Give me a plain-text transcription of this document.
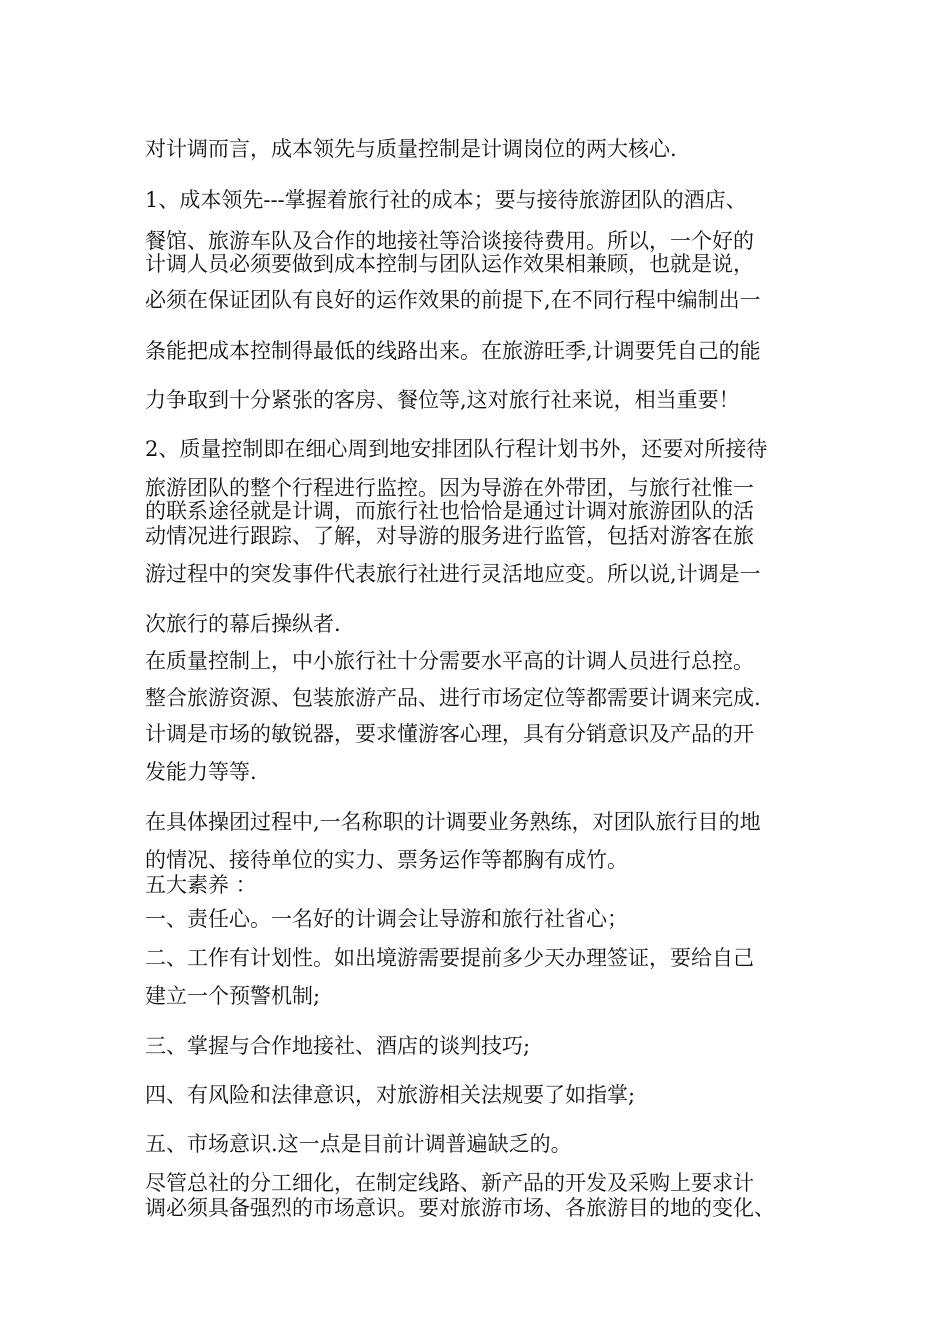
对计调而言，成本领先与质量控制是计调岗位的两大核心.
1、成本领先---掌握着旅行社的成本；要与接待旅游团队的酒店、
餐馆、旅游车队及合作的地接社等洽谈接待费用。所以，一个好的
计调人员必须要做到成本控制与团队运作效果相兼顾，也就是说，
必须在保证团队有良好的运作效果的前提下,在不同行程中编制出一
条能把成本控制得最低的线路出来。在旅游旺季,计调要凭自己的能
力争取到十分紧张的客房、餐位等,这对旅行社来说，相当重要！
2、质量控制即在细心周到地安排团队行程计划书外，还要对所接待
旅游团队的整个行程进行监控。因为导游在外带团，与旅行社惟一
的联系途径就是计调，而旅行社也恰恰是通过计调对旅游团队的活
动情况进行跟踪、了解，对导游的服务进行监管，包括对游客在旅
游过程中的突发事件代表旅行社进行灵活地应变。所以说,计调是一
次旅行的幕后操纵者.
在质量控制上，中小旅行社十分需要水平高的计调人员进行总控。
整合旅游资源、包装旅游产品、进行市场定位等都需要计调来完成.
计调是市场的敏锐器，要求懂游客心理，具有分销意识及产品的开
发能力等等.
在具体操团过程中,一名称职的计调要业务熟练，对团队旅行目的地
的情况、接待单位的实力、票务运作等都胸有成竹。
五大素养 ：
一、责任心。一名好的计调会让导游和旅行社省心；
二、工作有计划性。如出境游需要提前多少天办理签证，要给自己
建立一个预警机制;
三、掌握与合作地接社、酒店的谈判技巧;
四、有风险和法律意识，对旅游相关法规要了如指掌;
五、市场意识.这一点是目前计调普遍缺乏的。
尽管总社的分工细化，在制定线路、新产品的开发及采购上要求计
调必须具备强烈的市场意识。要对旅游市场、各旅游目的地的变化、
